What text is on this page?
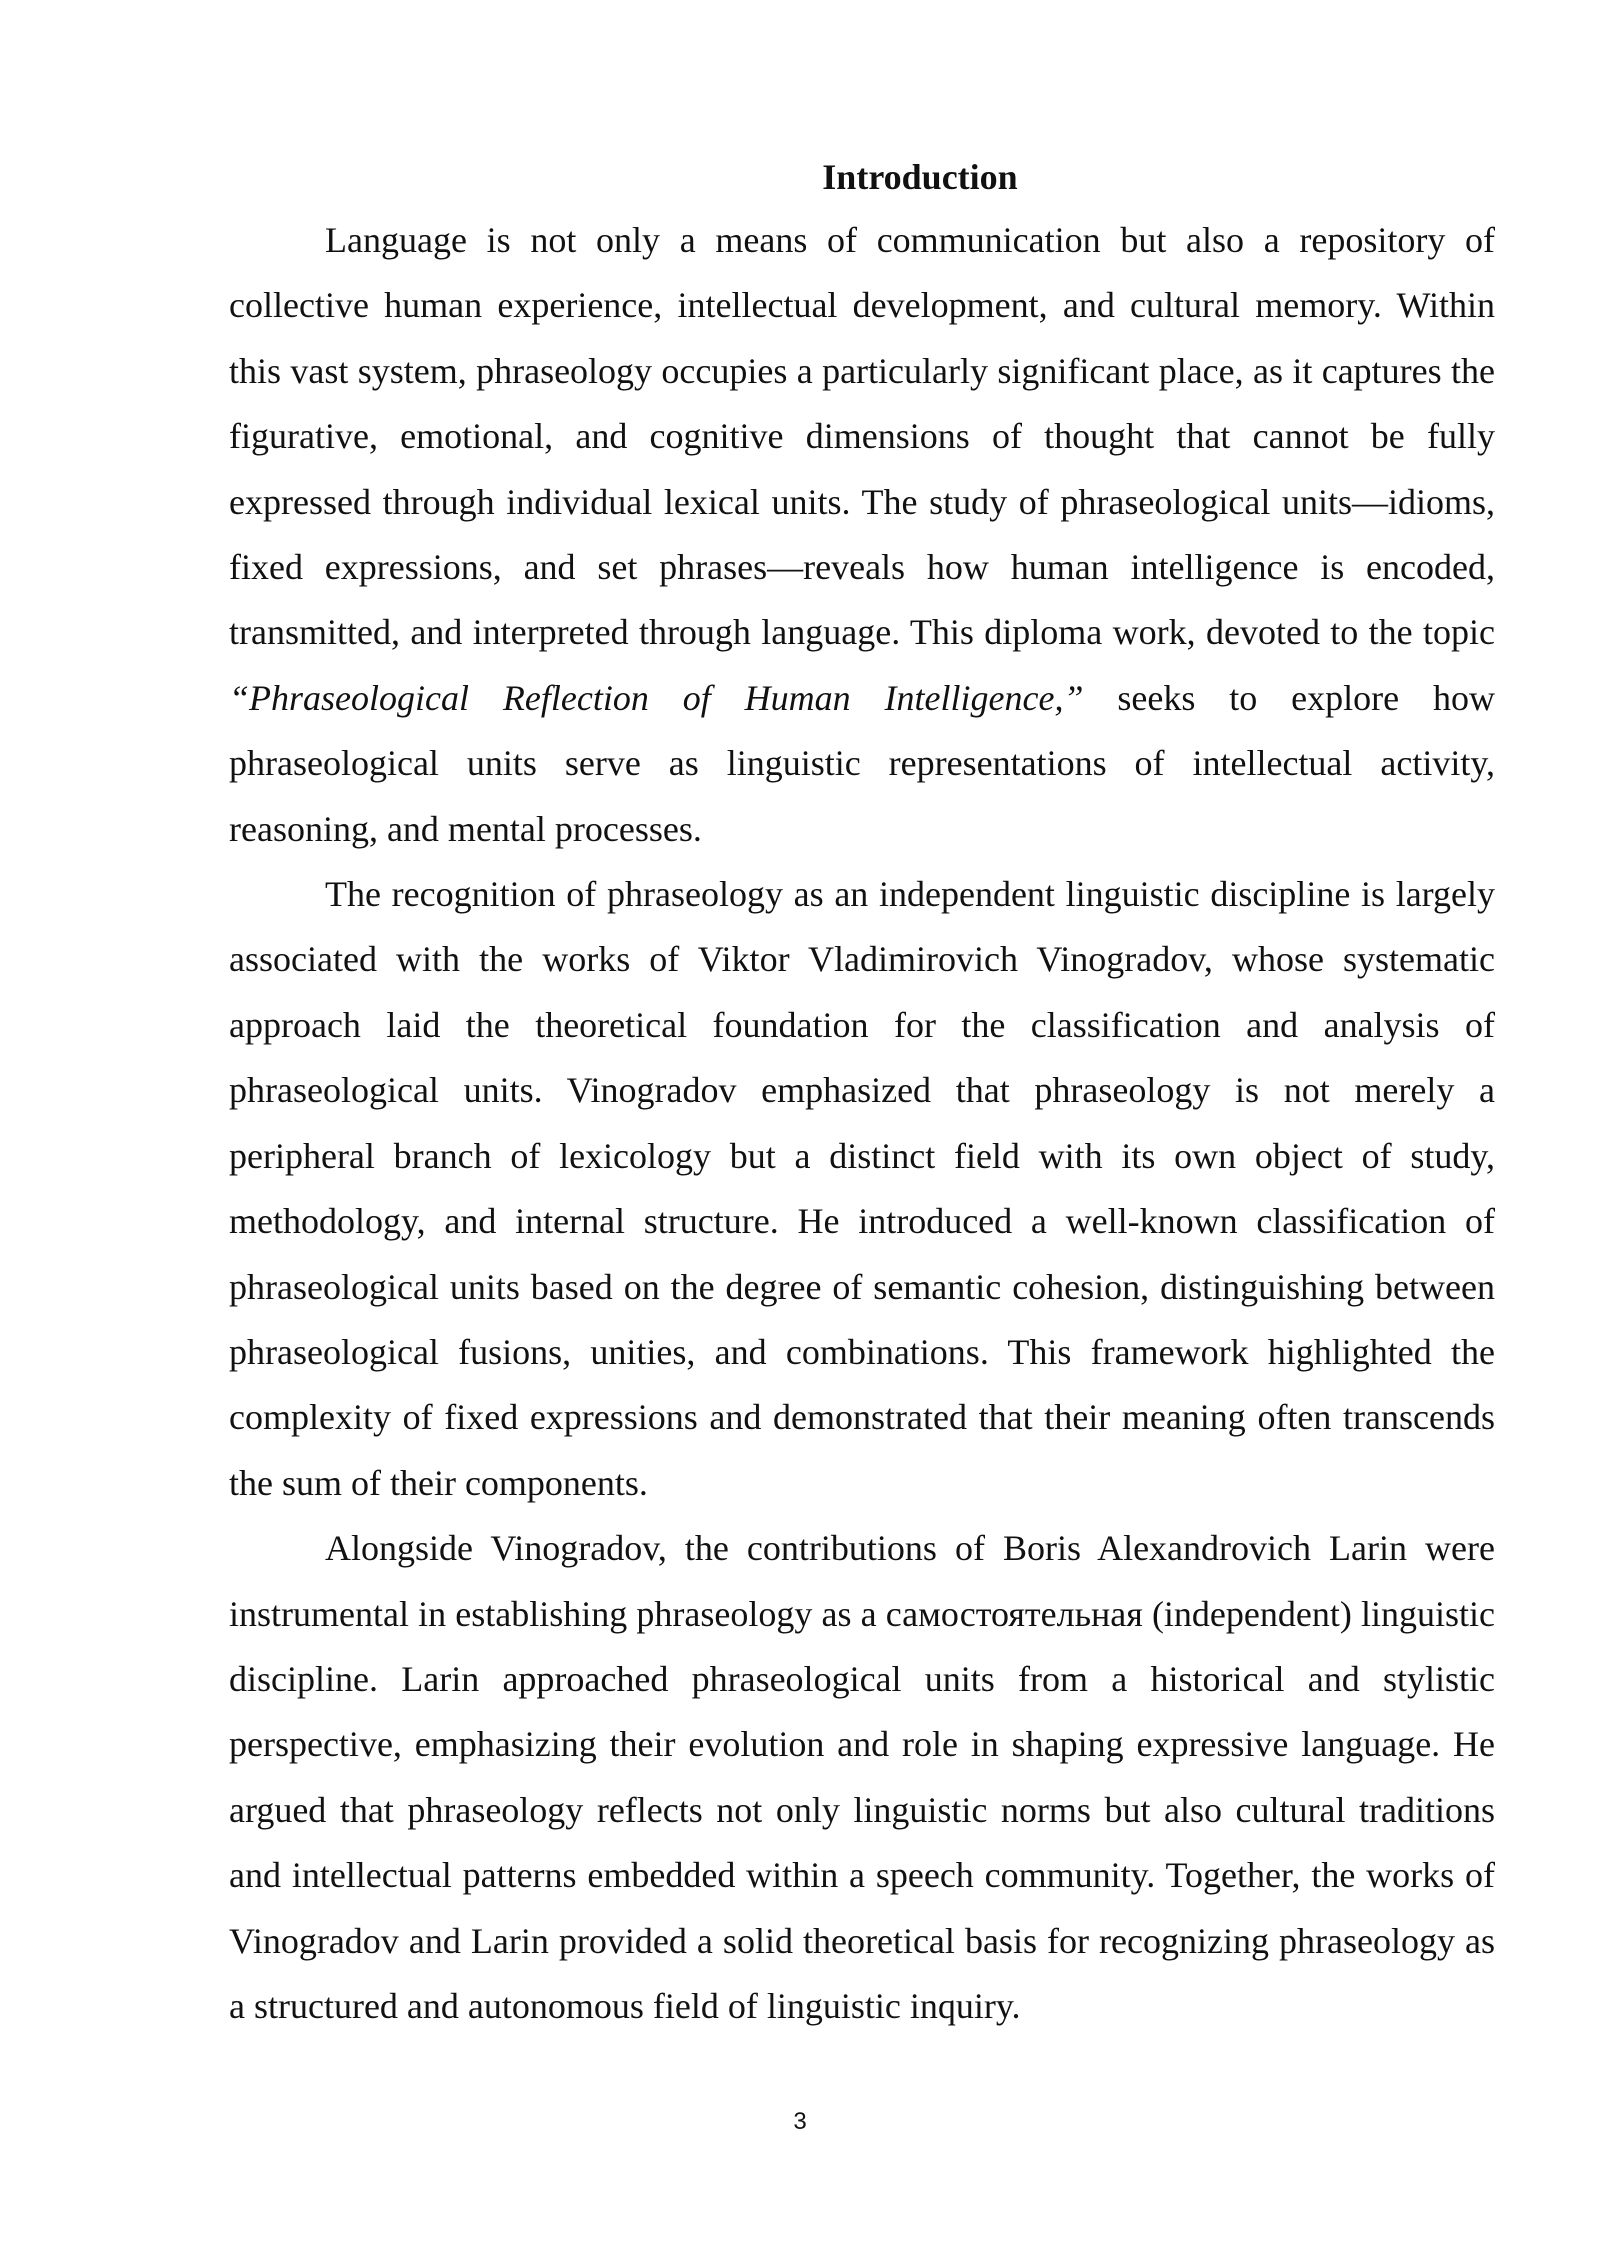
Introduction

Language is not only a means of communication but also a repository of collective human experience, intellectual development, and cultural memory. Within this vast system, phraseology occupies a particularly significant place, as it captures the figurative, emotional, and cognitive dimensions of thought that cannot be fully expressed through individual lexical units. The study of phraseological units—idioms, fixed expressions, and set phrases—reveals how human intelligence is encoded, transmitted, and interpreted through language. This diploma work, devoted to the topic “Phraseological Reflection of Human Intelligence,” seeks to explore how phraseological units serve as linguistic representations of intellectual activity, reasoning, and mental processes.

The recognition of phraseology as an independent linguistic discipline is largely associated with the works of Viktor Vladimirovich Vinogradov, whose systematic approach laid the theoretical foundation for the classification and analysis of phraseological units. Vinogradov emphasized that phraseology is not merely a peripheral branch of lexicology but a distinct field with its own object of study, methodology, and internal structure. He introduced a well-known classification of phraseological units based on the degree of semantic cohesion, distinguishing between phraseological fusions, unities, and combinations. This framework highlighted the complexity of fixed expressions and demonstrated that their meaning often transcends the sum of their components.

Alongside Vinogradov, the contributions of Boris Alexandrovich Larin were instrumental in establishing phraseology as a самостоятельная (independent) linguistic discipline. Larin approached phraseological units from a historical and stylistic perspective, emphasizing their evolution and role in shaping expressive language. He argued that phraseology reflects not only linguistic norms but also cultural traditions and intellectual patterns embedded within a speech community. Together, the works of Vinogradov and Larin provided a solid theoretical basis for recognizing phraseology as a structured and autonomous field of linguistic inquiry.

3
